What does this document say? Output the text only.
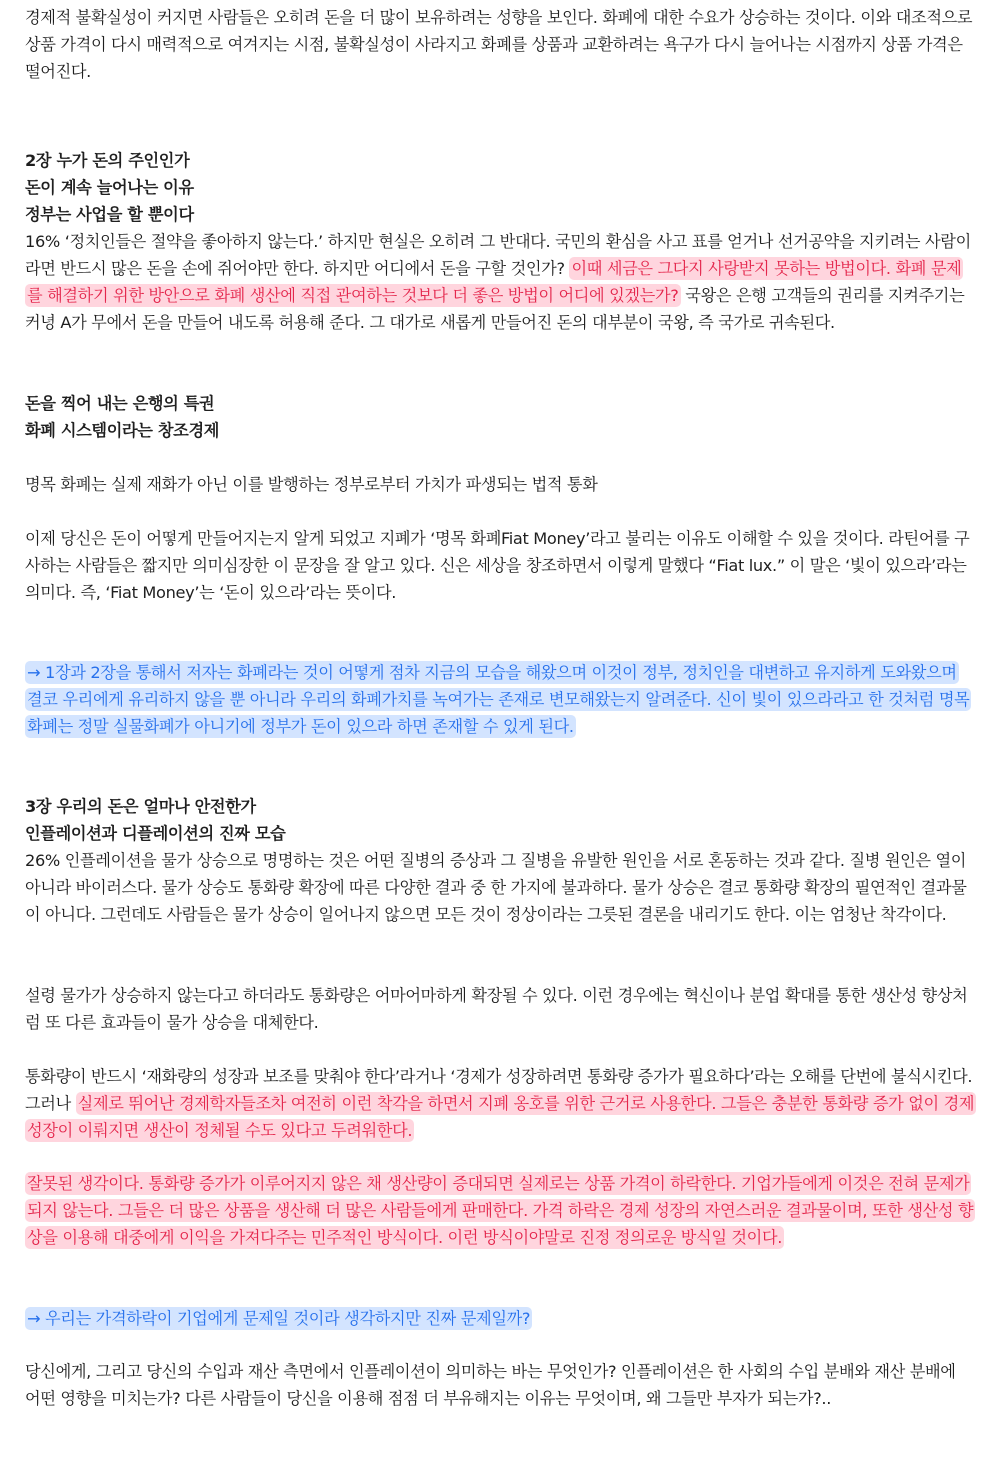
경제적 불확실성이 커지면 사람들은 오히려 돈을 더 많이 보유하려는 성향을 보인다. 화폐에 대한 수요가 상승하는 것이다. 이와 대조적으로 상품 가격이 다시 매력적으로 여겨지는 시점, 불확실성이 사라지고 화폐를 상품과 교환하려는 욕구가 다시 늘어나는 시점까지 상품 가격은 떨어진다.

2장 누가 돈의 주인인가

돈이 계속 늘어나는 이유

정부는 사업을 할 뿐이다

16% ‘정치인들은 절약을 좋아하지 않는다.’ 하지만 현실은 오히려 그 반대다. 국민의 환심을 사고 표를 얻거나 선거공약을 지키려는 사람이라면 반드시 많은 돈을 손에 쥐어야만 한다. 하지만 어디에서 돈을 구할 것인가? 이때 세금은 그다지 사랑받지 못하는 방법이다. 화폐 문제를 해결하기 위한 방안으로 화폐 생산에 직접 관여하는 것보다 더 좋은 방법이 어디에 있겠는가? 국왕은 은행 고객들의 권리를 지켜주기는커녕 A가 무에서 돈을 만들어 내도록 허용해 준다. 그 대가로 새롭게 만들어진 돈의 대부분이 국왕, 즉 국가로 귀속된다.

돈을 찍어 내는 은행의 특권

화폐 시스템이라는 창조경제

명목 화폐는 실제 재화가 아닌 이를 발행하는 정부로부터 가치가 파생되는 법적 통화

이제 당신은 돈이 어떻게 만들어지는지 알게 되었고 지폐가 ‘명목 화폐Fiat Money’라고 불리는 이유도 이해할 수 있을 것이다. 라틴어를 구사하는 사람들은 짧지만 의미심장한 이 문장을 잘 알고 있다. 신은 세상을 창조하면서 이렇게 말했다 “Fiat lux.” 이 말은 ‘빛이 있으라’라는 의미다. 즉, ‘Fiat Money’는 ‘돈이 있으라’라는 뜻이다.

→ 1장과 2장을 통해서 저자는 화폐라는 것이 어떻게 점차 지금의 모습을 해왔으며 이것이 정부, 정치인을 대변하고 유지하게 도와왔으며 결코 우리에게 유리하지 않을 뿐 아니라 우리의 화폐가치를 녹여가는 존재로 변모해왔는지 알려준다. 신이 빛이 있으라라고 한 것처럼 명목화폐는 정말 실물화폐가 아니기에 정부가 돈이 있으라 하면 존재할 수 있게 된다.

3장 우리의 돈은 얼마나 안전한가

인플레이션과 디플레이션의 진짜 모습

26% 인플레이션을 물가 상승으로 명명하는 것은 어떤 질병의 증상과 그 질병을 유발한 원인을 서로 혼동하는 것과 같다. 질병 원인은 열이 아니라 바이러스다. 물가 상승도 통화량 확장에 따른 다양한 결과 중 한 가지에 불과하다. 물가 상승은 결코 통화량 확장의 필연적인 결과물이 아니다. 그런데도 사람들은 물가 상승이 일어나지 않으면 모든 것이 정상이라는 그릇된 결론을 내리기도 한다. 이는 엄청난 착각이다.

설령 물가가 상승하지 않는다고 하더라도 통화량은 어마어마하게 확장될 수 있다. 이런 경우에는 혁신이나 분업 확대를 통한 생산성 향상처럼 또 다른 효과들이 물가 상승을 대체한다.

통화량이 반드시 ‘재화량의 성장과 보조를 맞춰야 한다’라거나 ‘경제가 성장하려면 통화량 증가가 필요하다’라는 오해를 단번에 불식시킨다. 그러나 실제로 뛰어난 경제학자들조차 여전히 이런 착각을 하면서 지폐 옹호를 위한 근거로 사용한다. 그들은 충분한 통화량 증가 없이 경제 성장이 이뤄지면 생산이 정체될 수도 있다고 두려워한다.

잘못된 생각이다. 통화량 증가가 이루어지지 않은 채 생산량이 증대되면 실제로는 상품 가격이 하락한다. 기업가들에게 이것은 전혀 문제가 되지 않는다. 그들은 더 많은 상품을 생산해 더 많은 사람들에게 판매한다. 가격 하락은 경제 성장의 자연스러운 결과물이며, 또한 생산성 향상을 이용해 대중에게 이익을 가져다주는 민주적인 방식이다. 이런 방식이야말로 진정 정의로운 방식일 것이다.

→ 우리는 가격하락이 기업에게 문제일 것이라 생각하지만 진짜 문제일까?

당신에게, 그리고 당신의 수입과 재산 측면에서 인플레이션이 의미하는 바는 무엇인가? 인플레이션은 한 사회의 수입 분배와 재산 분배에 어떤 영향을 미치는가? 다른 사람들이 당신을 이용해 점점 더 부유해지는 이유는 무엇이며, 왜 그들만 부자가 되는가?..
